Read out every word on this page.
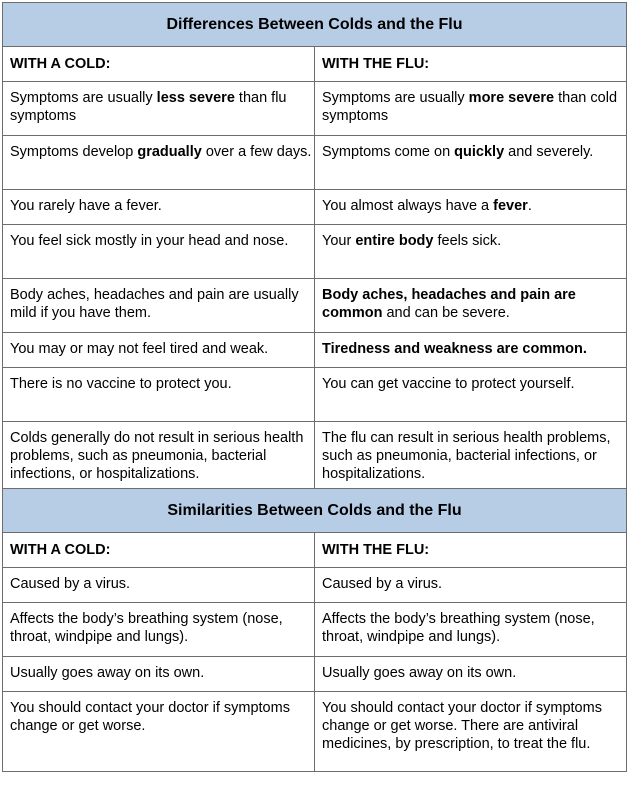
Differences Between Colds and the Flu	
WITH A COLD:	WITH THE FLU:

Symptoms are usually less severe than flu symptoms	Symptoms are usually more severe than cold symptoms

Symptoms develop gradually over a few days.	Symptoms come on quickly and severely.

You rarely have a fever.	You almost always have a fever.

You feel sick mostly in your head and nose.	Your entire body feels sick.

Body aches, headaches and pain are usually mild if you have them.	Body aches, headaches and pain are common and can be severe.

You may or may not feel tired and weak.	Tiredness and weakness are common.

There is no vaccine to protect you.	You can get vaccine to protect yourself.

Colds generally do not result in serious health problems, such as pneumonia, bacterial infections, or hospitalizations.	The flu can result in serious health problems, such as pneumonia, bacterial infections, or hospitalizations.

Similarities Between Colds and the Flu	
WITH A COLD:	WITH THE FLU:

Caused by a virus.	Caused by a virus.

Affects the body’s breathing system (nose, throat, windpipe and lungs).	Affects the body’s breathing system (nose, throat, windpipe and lungs).

Usually goes away on its own.	Usually goes away on its own.

You should contact your doctor if symptoms change or get worse.	You should contact your doctor if symptoms change or get worse. There are antiviral medicines, by prescription, to treat the flu.
